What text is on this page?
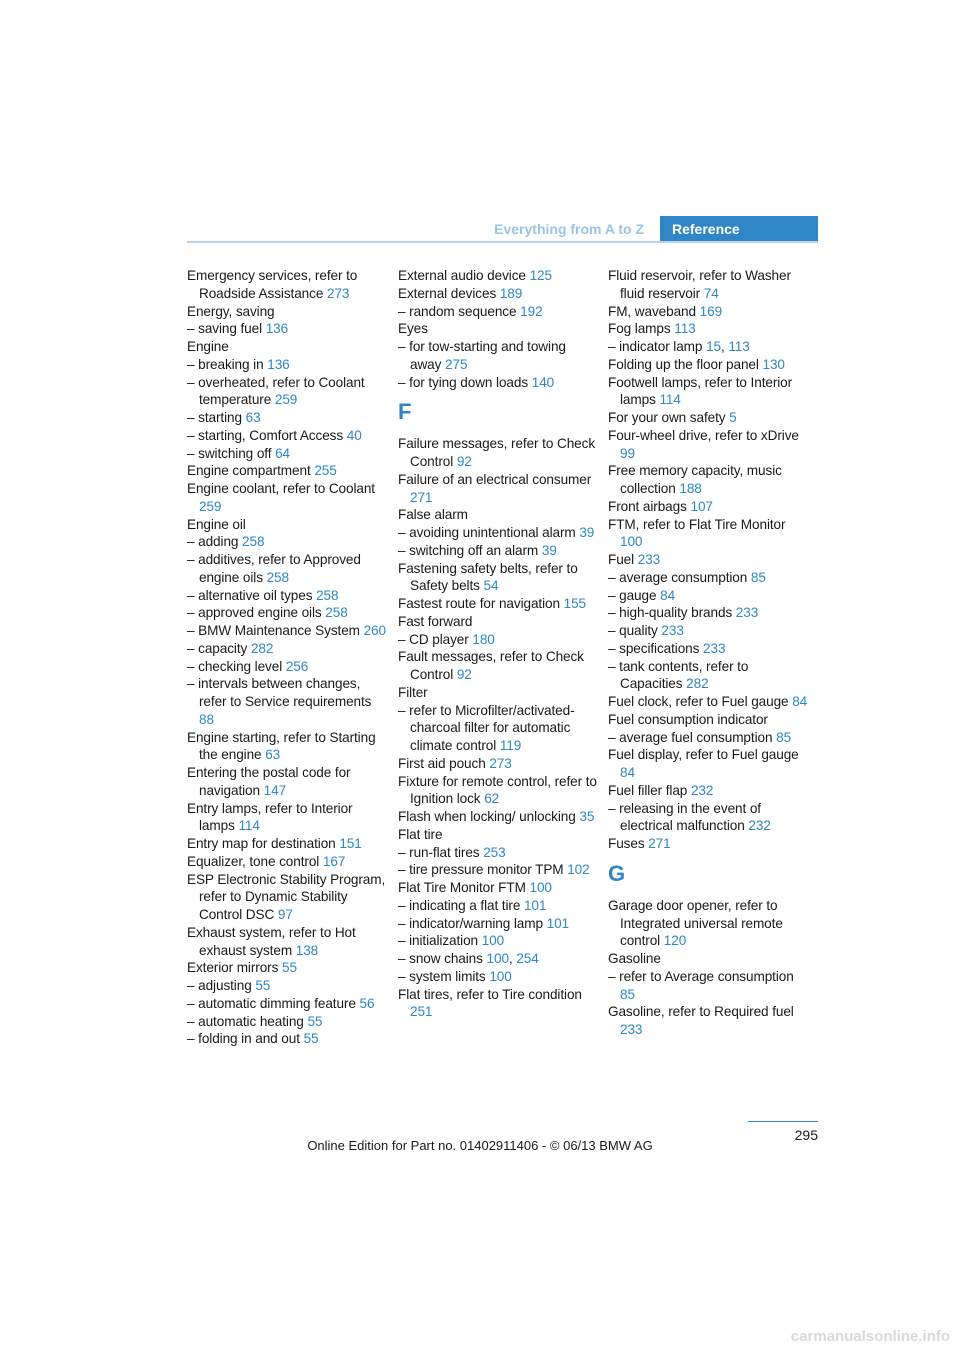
Everything from A to Z	Reference
Emergency services, refer to Roadside Assistance 273
Energy, saving
– saving fuel 136
Engine
– breaking in 136
– overheated, refer to Coolant temperature 259
– starting 63
– starting, Comfort Access 40
– switching off 64
Engine compartment 255
Engine coolant, refer to Coolant 259
Engine oil
– adding 258
– additives, refer to Approved engine oils 258
– alternative oil types 258
– approved engine oils 258
– BMW Maintenance System 260
– capacity 282
– checking level 256
– intervals between changes, refer to Service requirements 88
Engine starting, refer to Starting the engine 63
Entering the postal code for navigation 147
Entry lamps, refer to Interior lamps 114
Entry map for destination 151
Equalizer, tone control 167
ESP Electronic Stability Program, refer to Dynamic Stability Control DSC 97
Exhaust system, refer to Hot exhaust system 138
Exterior mirrors 55
– adjusting 55
– automatic dimming feature 56
– automatic heating 55
– folding in and out 55
External audio device 125
External devices 189
– random sequence 192
Eyes
– for tow-starting and towing away 275
– for tying down loads 140
F
Failure messages, refer to Check Control 92
Failure of an electrical consumer 271
False alarm
– avoiding unintentional alarm 39
– switching off an alarm 39
Fastening safety belts, refer to Safety belts 54
Fastest route for navigation 155
Fast forward
– CD player 180
Fault messages, refer to Check Control 92
Filter
– refer to Microfilter/activated-charcoal filter for automatic climate control 119
First aid pouch 273
Fixture for remote control, refer to Ignition lock 62
Flash when locking/ unlocking 35
Flat tire
– run-flat tires 253
– tire pressure monitor TPM 102
Flat Tire Monitor FTM 100
– indicating a flat tire 101
– indicator/warning lamp 101
– initialization 100
– snow chains 100, 254
– system limits 100
Flat tires, refer to Tire condition 251
Fluid reservoir, refer to Washer fluid reservoir 74
FM, waveband 169
Fog lamps 113
– indicator lamp 15, 113
Folding up the floor panel 130
Footwell lamps, refer to Interior lamps 114
For your own safety 5
Four-wheel drive, refer to xDrive 99
Free memory capacity, music collection 188
Front airbags 107
FTM, refer to Flat Tire Monitor 100
Fuel 233
– average consumption 85
– gauge 84
– high-quality brands 233
– quality 233
– specifications 233
– tank contents, refer to Capacities 282
Fuel clock, refer to Fuel gauge 84
Fuel consumption indicator
– average fuel consumption 85
Fuel display, refer to Fuel gauge 84
Fuel filler flap 232
– releasing in the event of electrical malfunction 232
Fuses 271
G
Garage door opener, refer to Integrated universal remote control 120
Gasoline
– refer to Average consumption 85
Gasoline, refer to Required fuel 233
295
Online Edition for Part no. 01402911406 - © 06/13 BMW AG
carmanualsonline.info
